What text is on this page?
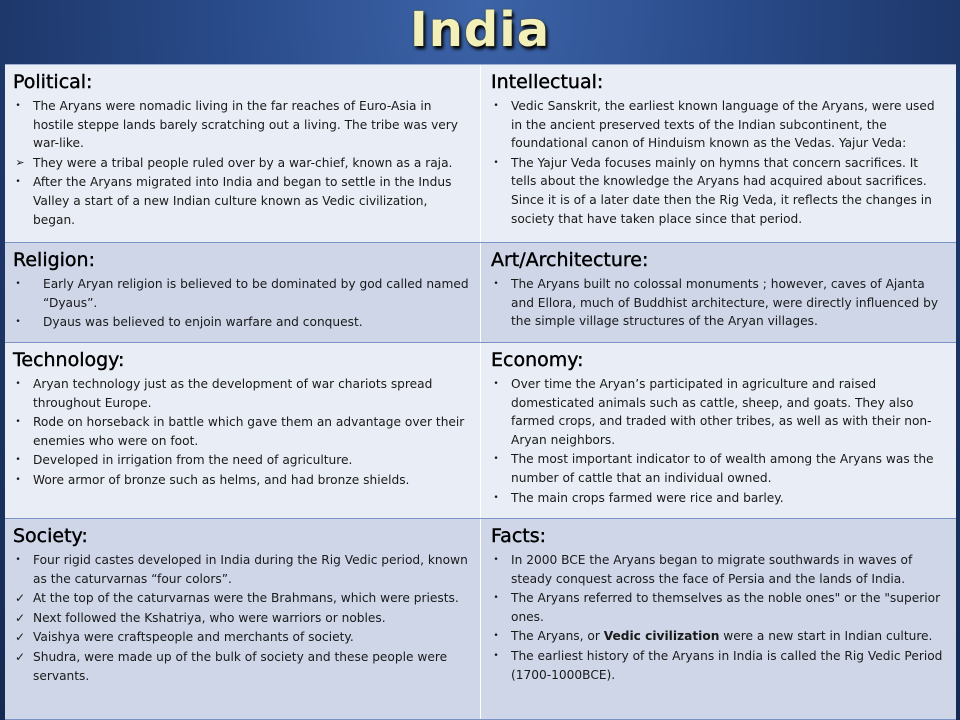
India
Political:
• The Aryans were nomadic living in the far reaches of Euro-Asia in hostile steppe lands barely scratching out a living. The tribe was very war-like.
➢ They were a tribal people ruled over by a war-chief, known as a raja.
• After the Aryans migrated into India and began to settle in the Indus Valley a start of a new Indian culture known as Vedic civilization, began.
Intellectual:
• Vedic Sanskrit, the earliest known language of the Aryans, were used in the ancient preserved texts of the Indian subcontinent, the foundational canon of Hinduism known as the Vedas. Yajur Veda:
• The Yajur Veda focuses mainly on hymns that concern sacrifices. It tells about the knowledge the Aryans had acquired about sacrifices. Since it is of a later date then the Rig Veda, it reflects the changes in society that have taken place since that period.
Religion:
• Early Aryan religion is believed to be dominated by god called named “Dyaus”.
• Dyaus was believed to enjoin warfare and conquest.
Art/Architecture:
• The Aryans built no colossal monuments ; however, caves of Ajanta and Ellora, much of Buddhist architecture, were directly influenced by the simple village structures of the Aryan villages.
Technology:
• Aryan technology just as the development of war chariots spread throughout Europe.
• Rode on horseback in battle which gave them an advantage over their enemies who were on foot.
• Developed in irrigation from the need of agriculture.
• Wore armor of bronze such as helms, and had bronze shields.
Economy:
• Over time the Aryan’s participated in agriculture and raised domesticated animals such as cattle, sheep, and goats. They also farmed crops, and traded with other tribes, as well as with their non-Aryan neighbors.
• The most important indicator to of wealth among the Aryans was the number of cattle that an individual owned.
• The main crops farmed were rice and barley.
Society:
• Four rigid castes developed in India during the Rig Vedic period, known as the caturvarnas “four colors”.
✓ At the top of the caturvarnas were the Brahmans, which were priests.
✓ Next followed the Kshatriya, who were warriors or nobles.
✓ Vaishya were craftspeople and merchants of society.
✓ Shudra, were made up of the bulk of society and these people were servants.
Facts:
• In 2000 BCE the Aryans began to migrate southwards in waves of steady conquest across the face of Persia and the lands of India.
• The Aryans referred to themselves as the noble ones" or the "superior ones.
• The Aryans, or Vedic civilization were a new start in Indian culture.
• The earliest history of the Aryans in India is called the Rig Vedic Period (1700-1000BCE).
